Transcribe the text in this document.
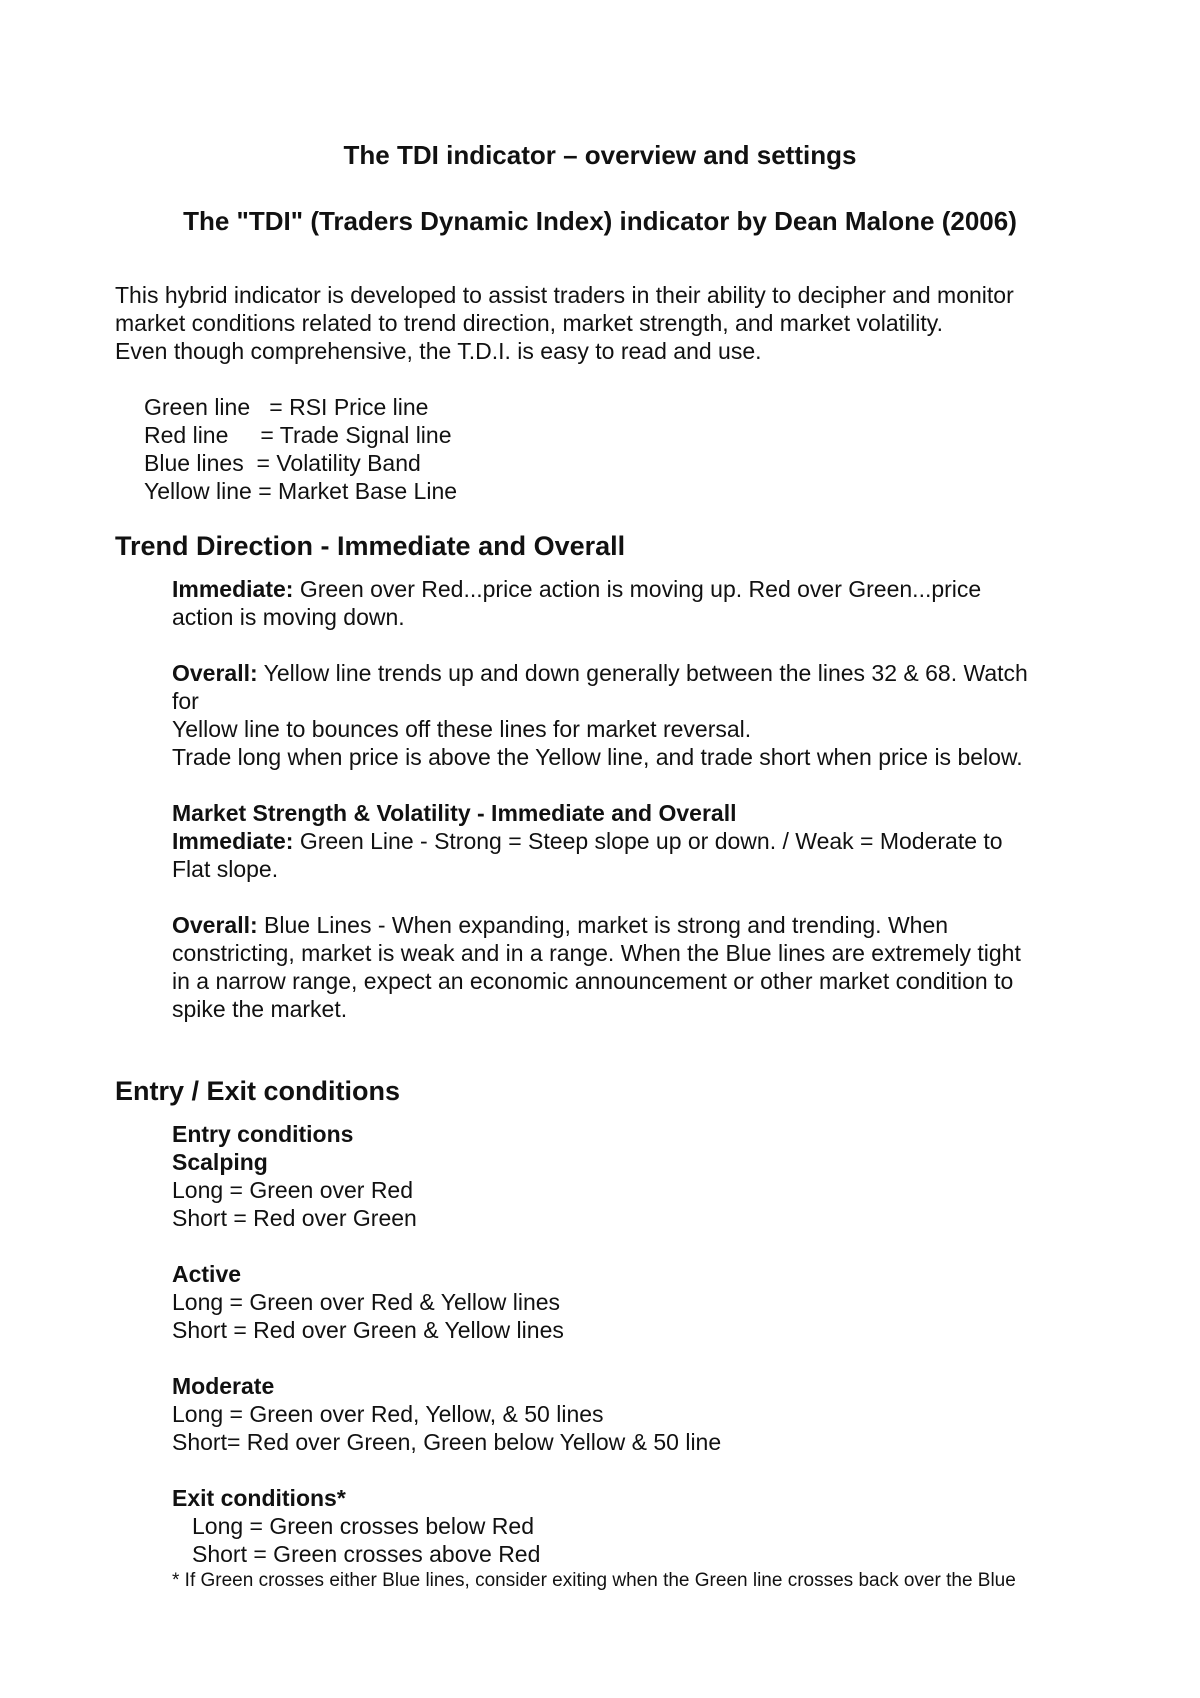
The TDI indicator – overview and settings
The "TDI" (Traders Dynamic Index) indicator by Dean Malone (2006)
This hybrid indicator is developed to assist traders in their ability to decipher and monitor
market conditions related to trend direction, market strength, and market volatility.
Even though comprehensive, the T.D.I. is easy to read and use.
Green line   = RSI Price line
Red line     = Trade Signal line
Blue lines  = Volatility Band
Yellow line = Market Base Line
Trend Direction - Immediate and Overall
Immediate: Green over Red...price action is moving up. Red over Green...price
action is moving down.
Overall: Yellow line trends up and down generally between the lines 32 & 68. Watch
for
Yellow line to bounces off these lines for market reversal.
Trade long when price is above the Yellow line, and trade short when price is below.
Market Strength & Volatility - Immediate and Overall
Immediate: Green Line - Strong = Steep slope up or down. / Weak = Moderate to
Flat slope.
Overall: Blue Lines - When expanding, market is strong and trending. When
constricting, market is weak and in a range. When the Blue lines are extremely tight
in a narrow range, expect an economic announcement or other market condition to
spike the market.
Entry / Exit conditions
Entry conditions
Scalping
Long = Green over Red
Short = Red over Green
Active
Long = Green over Red & Yellow lines
Short = Red over Green & Yellow lines
Moderate
Long = Green over Red, Yellow, & 50 lines
Short= Red over Green, Green below Yellow & 50 line
Exit conditions*
Long = Green crosses below Red
Short = Green crosses above Red
* If Green crosses either Blue lines, consider exiting when the Green line crosses back over the Blue
